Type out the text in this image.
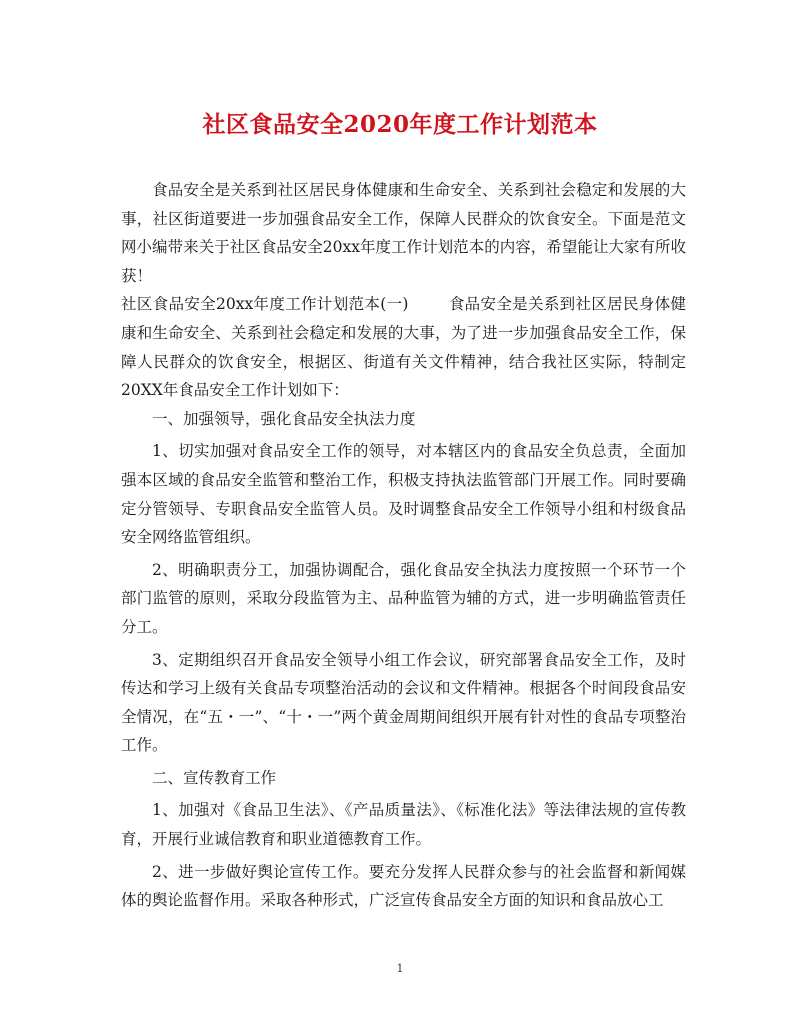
社区食品安全2020年度工作计划范本

食品安全是关系到社区居民身体健康和生命安全、关系到社会稳定和发展的大事，社区街道要进一步加强食品安全工作，保障人民群众的饮食安全。下面是范文网小编带来关于社区食品安全20xx年度工作计划范本的内容，希望能让大家有所收获！

社区食品安全20xx年度工作计划范本(一)	食品安全是关系到社区居民身体健康和生命安全、关系到社会稳定和发展的大事，为了进一步加强食品安全工作，保障人民群众的饮食安全，根据区、街道有关文件精神，结合我社区实际，特制定20XX年食品安全工作计划如下：

一、加强领导，强化食品安全执法力度

1、切实加强对食品安全工作的领导，对本辖区内的食品安全负总责，全面加强本区域的食品安全监管和整治工作，积极支持执法监管部门开展工作。同时要确定分管领导、专职食品安全监管人员。及时调整食品安全工作领导小组和村级食品安全网络监管组织。

2、明确职责分工，加强协调配合，强化食品安全执法力度按照一个环节一个部门监管的原则，采取分段监管为主、品种监管为辅的方式，进一步明确监管责任分工。

3、定期组织召开食品安全领导小组工作会议，研究部署食品安全工作，及时传达和学习上级有关食品专项整治活动的会议和文件精神。根据各个时间段食品安全情况，在“五・一”、“十・一”两个黄金周期间组织开展有针对性的食品专项整治工作。

二、宣传教育工作

1、加强对《食品卫生法》、《产品质量法》、《标准化法》等法律法规的宣传教育，开展行业诚信教育和职业道德教育工作。

2、进一步做好舆论宣传工作。要充分发挥人民群众参与的社会监督和新闻媒体的舆论监督作用。采取各种形式，广泛宣传食品安全方面的知识和食品放心工

1
